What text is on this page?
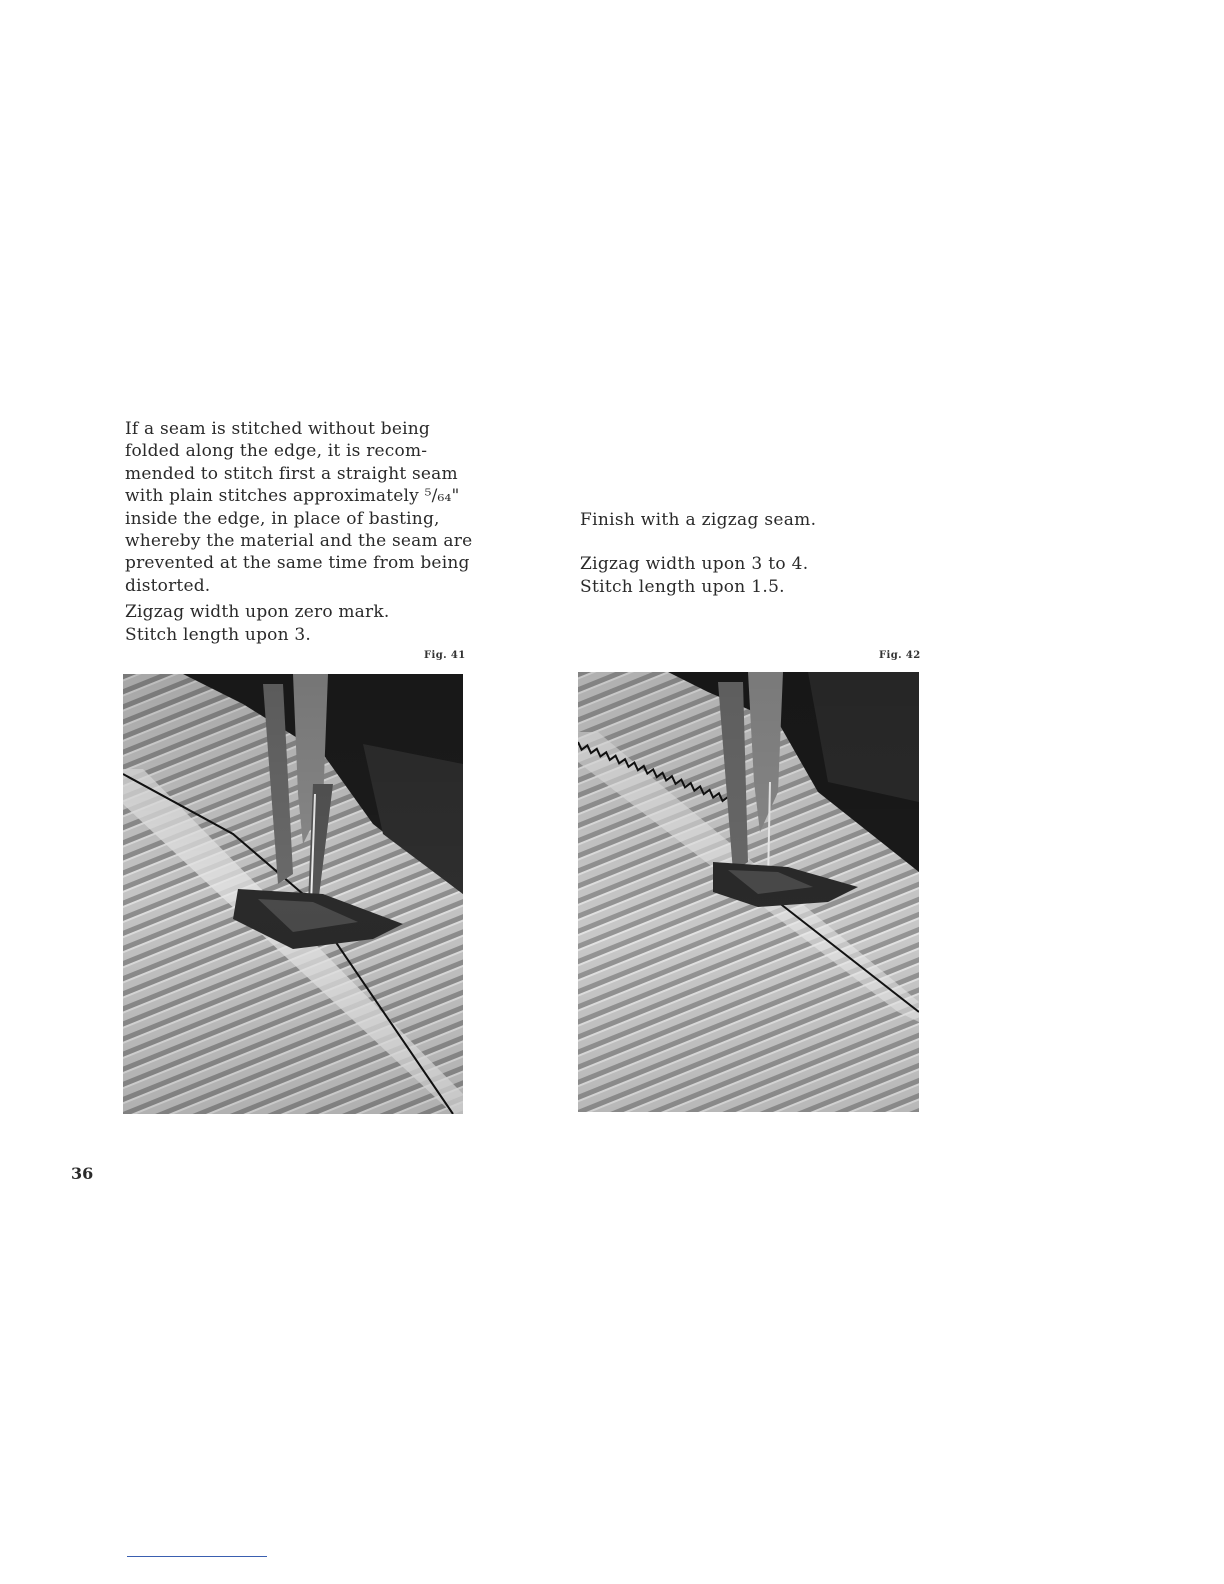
If a seam is stitched without being
folded along the edge, it is recom-
mended to stitch first a straight seam
with plain stitches approximately ⁵/₆₄"
inside the edge, in place of basting,
whereby the material and the seam are
prevented at the same time from being
distorted.
Zigzag width upon zero mark.
Stitch length upon 3.
Fig. 41
Finish with a zigzag seam.
Zigzag width upon 3 to 4.
Stitch length upon 1.5.
Fig. 42
36
